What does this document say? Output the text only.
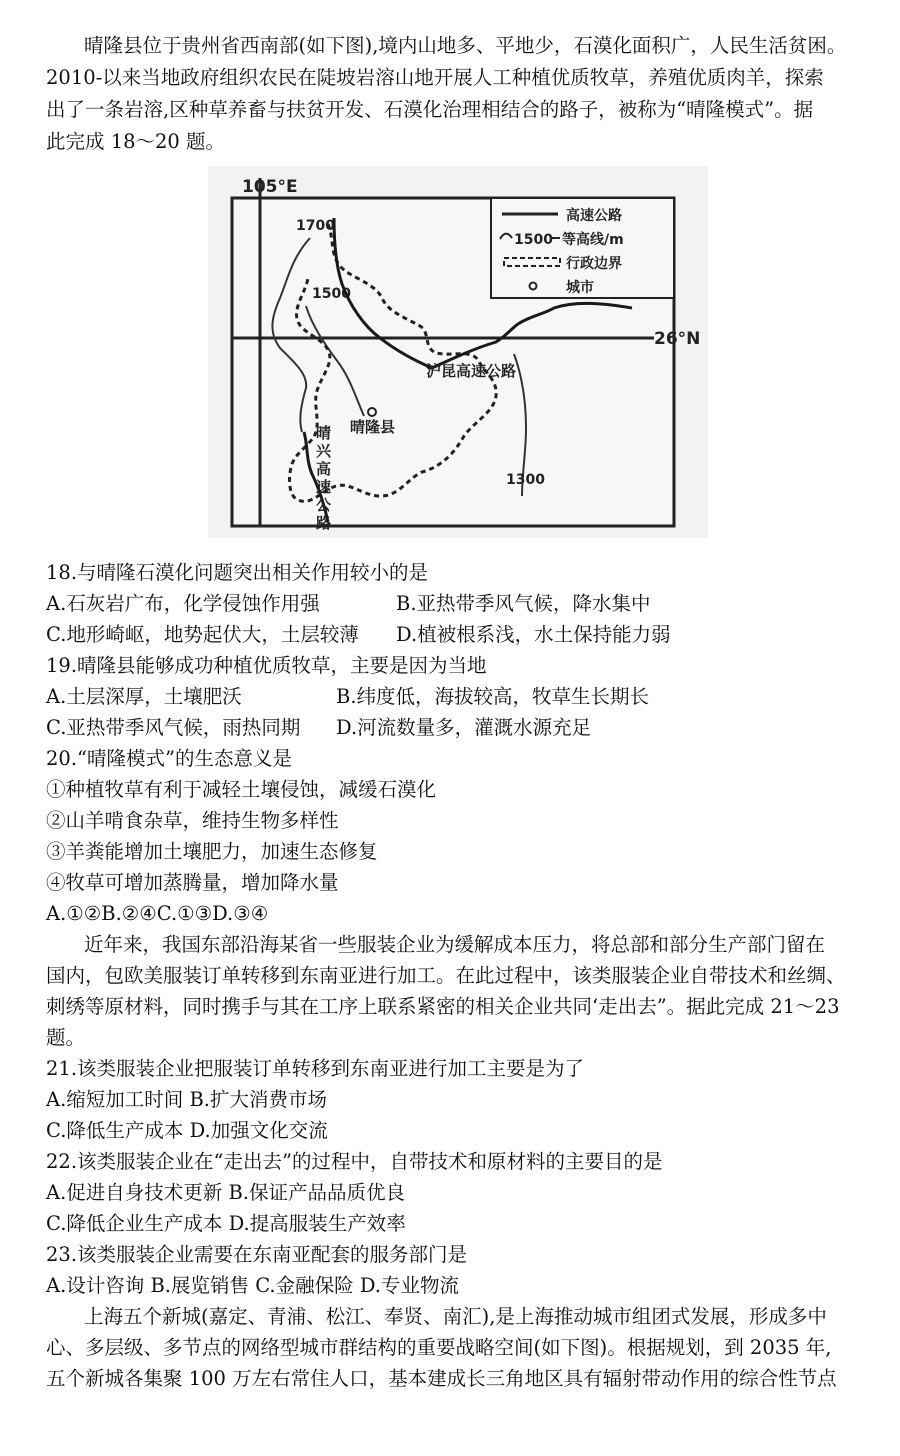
晴隆县位于贵州省西南部(如下图),境内山地多、平地少，石漠化面积广，人民生活贫困。
2010-以来当地政府组织农民在陡坡岩溶山地开展人工种植优质牧草，养殖优质肉羊，探索
出了一条岩溶,区种草养畜与扶贫开发、石漠化治理相结合的路子，被称为“晴隆模式”。据
此完成 18～20 题。
105°E
26°N
高速公路
1500 等高线/m
行政边界
城市
1700
1500
1300
沪昆高速公路
晴
兴
高
速
公
路
晴隆县
18.与晴隆石漠化问题突出相关作用较小的是
A.石灰岩广布，化学侵蚀作用强	B.亚热带季风气候，降水集中
C.地形崎岖，地势起伏大，土层较薄 D.植被根系浅，水土保持能力弱
19.晴隆县能够成功种植优质牧草，主要是因为当地
A.土层深厚，土壤肥沃	B.纬度低，海拔较高，牧草生长期长
C.亚热带季风气候，雨热同期 D.河流数量多，灌溉水源充足
20.“晴隆模式”的生态意义是
①种植牧草有利于减轻土壤侵蚀，减缓石漠化
②山羊啃食杂草，维持生物多样性
③羊粪能增加土壤肥力，加速生态修复
④牧草可增加蒸腾量，增加降水量
A.①②B.②④C.①③D.③④
近年来，我国东部沿海某省一些服装企业为缓解成本压力，将总部和部分生产部门留在
国内，包欧美服装订单转移到东南亚进行加工。在此过程中，该类服装企业自带技术和丝绸、
刺绣等原材料，同时携手与其在工序上联系紧密的相关企业共同‘走出去”。据此完成 21～23
题。
21.该类服装企业把服装订单转移到东南亚进行加工主要是为了
A.缩短加工时间 B.扩大消费市场
C.降低生产成本 D.加强文化交流
22.该类服装企业在“走出去”的过程中，自带技术和原材料的主要目的是
A.促进自身技术更新 B.保证产品品质优良
C.降低企业生产成本 D.提高服装生产效率
23.该类服装企业需要在东南亚配套的服务部门是
A.设计咨询 B.展览销售 C.金融保险 D.专业物流
上海五个新城(嘉定、青浦、松江、奉贤、南汇),是上海推动城市组团式发展，形成多中
心、多层级、多节点的网络型城市群结构的重要战略空间(如下图)。根据规划，到 2035 年,
五个新城各集聚 100 万左右常住人口，基本建成长三角地区具有辐射带动作用的综合性节点
